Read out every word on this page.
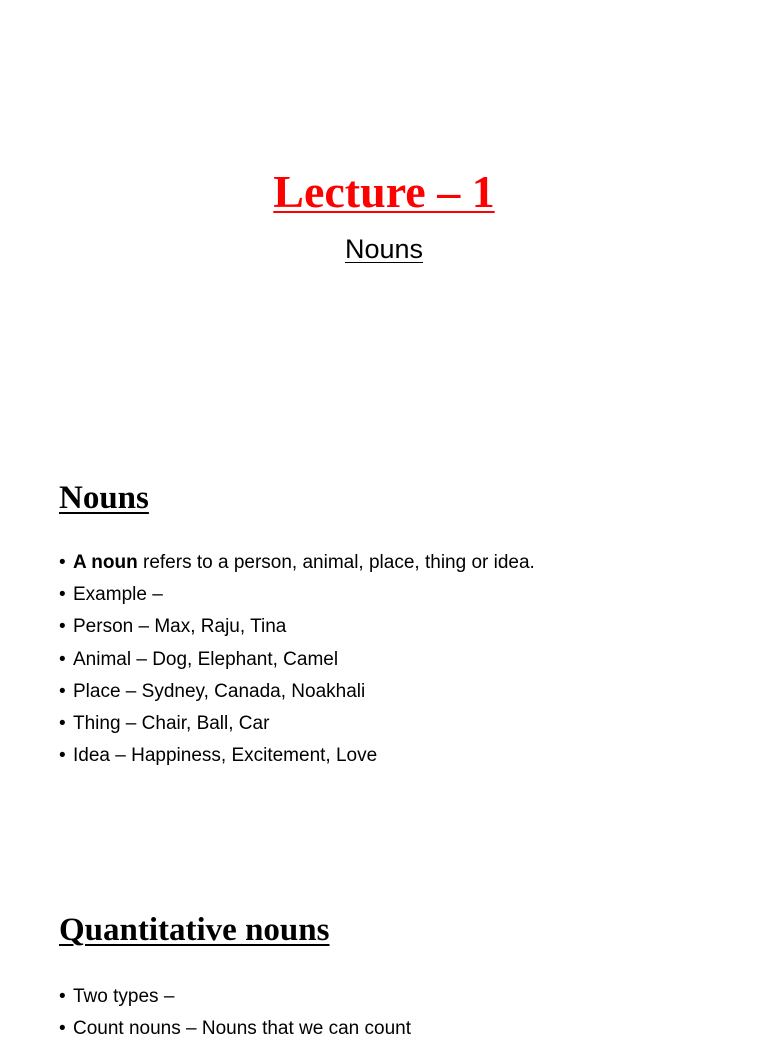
Lecture – 1
Nouns
Nouns
• A noun refers to a person, animal, place, thing or idea.
• Example –
• Person – Max, Raju, Tina
• Animal – Dog, Elephant, Camel
• Place – Sydney, Canada, Noakhali
• Thing – Chair, Ball, Car
• Idea – Happiness, Excitement, Love
Quantitative nouns
• Two types –
• Count nouns – Nouns that we can count
